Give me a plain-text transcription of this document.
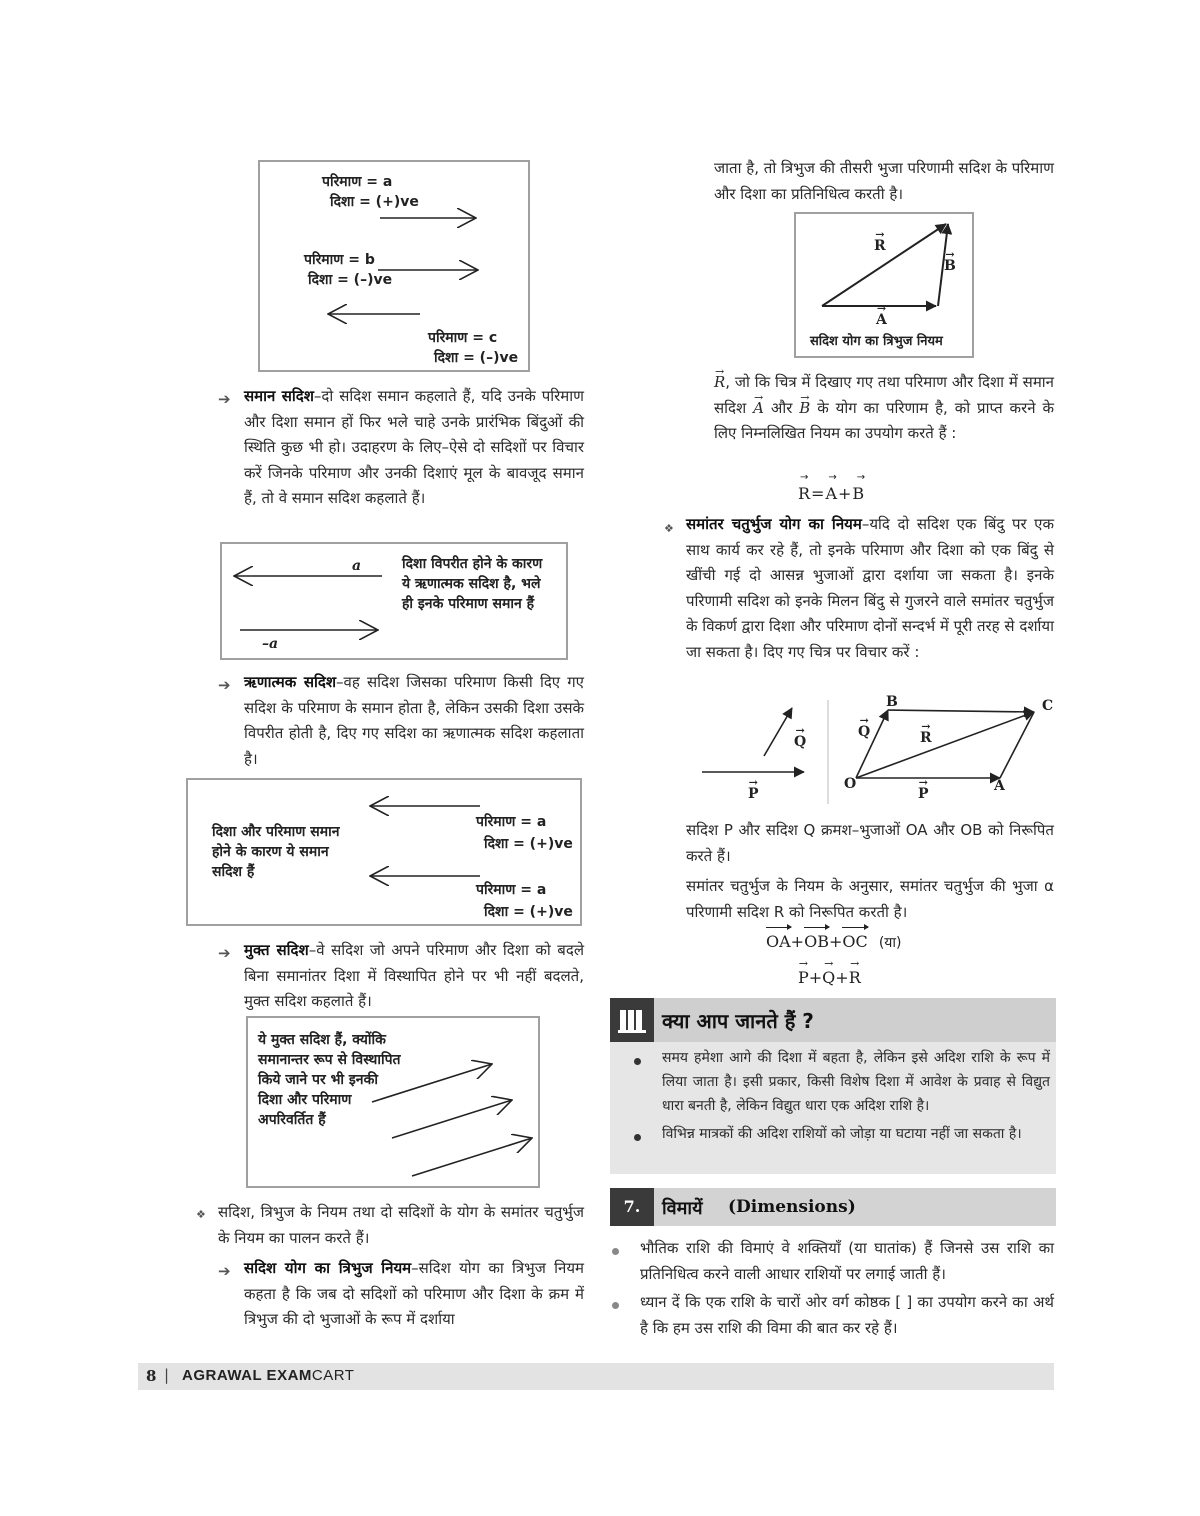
परिमाण = a
दिशा = (+)ve
परिमाण = b
दिशा = (–)ve
परिमाण = c
दिशा = (–)ve
➔ समान सदिश–दो सदिश समान कहलाते हैं, यदि उनके परिमाण और दिशा समान हों फिर भले चाहे उनके प्रारंभिक बिंदुओं की स्थिति कुछ भी हो। उदाहरण के लिए–ऐसे दो सदिशों पर विचार करें जिनके परिमाण और उनकी दिशाएं मूल के बावजूद समान हैं, तो वे समान सदिश कहलाते हैं।
a
–a
दिशा विपरीत होने के कारण
ये ऋणात्मक सदिश है, भले
ही इनके परिमाण समान हैं
➔ ऋणात्मक सदिश–वह सदिश जिसका परिमाण किसी दिए गए सदिश के परिमाण के समान होता है, लेकिन उसकी दिशा उसके विपरीत होती है, दिए गए सदिश का ऋणात्मक सदिश कहलाता है।
दिशा और परिमाण समान
होने के कारण ये समान
सदिश हैं
परिमाण = a
दिशा = (+)ve
परिमाण = a
दिशा = (+)ve
➔ मुक्त सदिश–वे सदिश जो अपने परिमाण और दिशा को बदले बिना समानांतर दिशा में विस्थापित होने पर भी नहीं बदलते, मुक्त सदिश कहलाते हैं।
ये मुक्त सदिश हैं, क्योंकि
समानान्तर रूप से विस्थापित
किये जाने पर भी इनकी
दिशा और परिमाण
अपरिवर्तित हैं
❖ सदिश, त्रिभुज के नियम तथा दो सदिशों के योग के समांतर चतुर्भुज के नियम का पालन करते हैं।
➔ सदिश योग का त्रिभुज नियम–सदिश योग का त्रिभुज नियम कहता है कि जब दो सदिशों को परिमाण और दिशा के क्रम में त्रिभुज की दो भुजाओं के रूप में दर्शाया
जाता है, तो त्रिभुज की तीसरी भुजा परिणामी सदिश के परिमाण और दिशा का प्रतिनिधित्व करती है।
→ R
→ B
→ A
सदिश योग का त्रिभुज नियम
→ R, जो कि चित्र में दिखाए गए तथा परिमाण और दिशा में समान सदिश → A और → B के योग का परिणाम है, को प्राप्त करने के लिए निम्नलिखित नियम का उपयोग करते हैं :
R=A+B
→→→
❖ समांतर चतुर्भुज योग का नियम–यदि दो सदिश एक बिंदु पर एक साथ कार्य कर रहे हैं, तो इनके परिमाण और दिशा को एक बिंदु से खींची गई दो आसन्न भुजाओं द्वारा दर्शाया जा सकता है। इनके परिणामी सदिश को इनके मिलन बिंदु से गुजरने वाले समांतर चतुर्भुज के विकर्ण द्वारा दिशा और परिमाण दोनों सन्दर्भ में पूरी तरह से दर्शाया जा सकता है। दिए गए चित्र पर विचार करें :
→ Q
→ P
B	C
→ Q	→ R
O
→ P	A
सदिश P और सदिश Q क्रमश–भुजाओं OA और OB को निरूपित करते हैं।
समांतर चतुर्भुज के नियम के अनुसार, समांतर चतुर्भुज की भुजा α परिणामी सदिश R को निरूपित करती है।
OA+OB+OC (या)
→ P+→ Q+→ R
क्या आप जानते हैं ?
समय हमेशा आगे की दिशा में बहता है, लेकिन इसे अदिश राशि के रूप में लिया जाता है। इसी प्रकार, किसी विशेष दिशा में आवेश के प्रवाह से विद्युत धारा बनती है, लेकिन विद्युत धारा एक अदिश राशि है।
विभिन्न मात्रकों की अदिश राशियों को जोड़ा या घटाया नहीं जा सकता है।
7.	विमायें (Dimensions)
भौतिक राशि की विमाएं वे शक्तियाँ (या घातांक) हैं जिनसे उस राशि का प्रतिनिधित्व करने वाली आधार राशियों पर लगाई जाती हैं।
ध्यान दें कि एक राशि के चारों ओर वर्ग कोष्ठक [ ] का उपयोग करने का अर्थ है कि हम उस राशि की विमा की बात कर रहे हैं।
8 | AGRAWAL EXAMCART
